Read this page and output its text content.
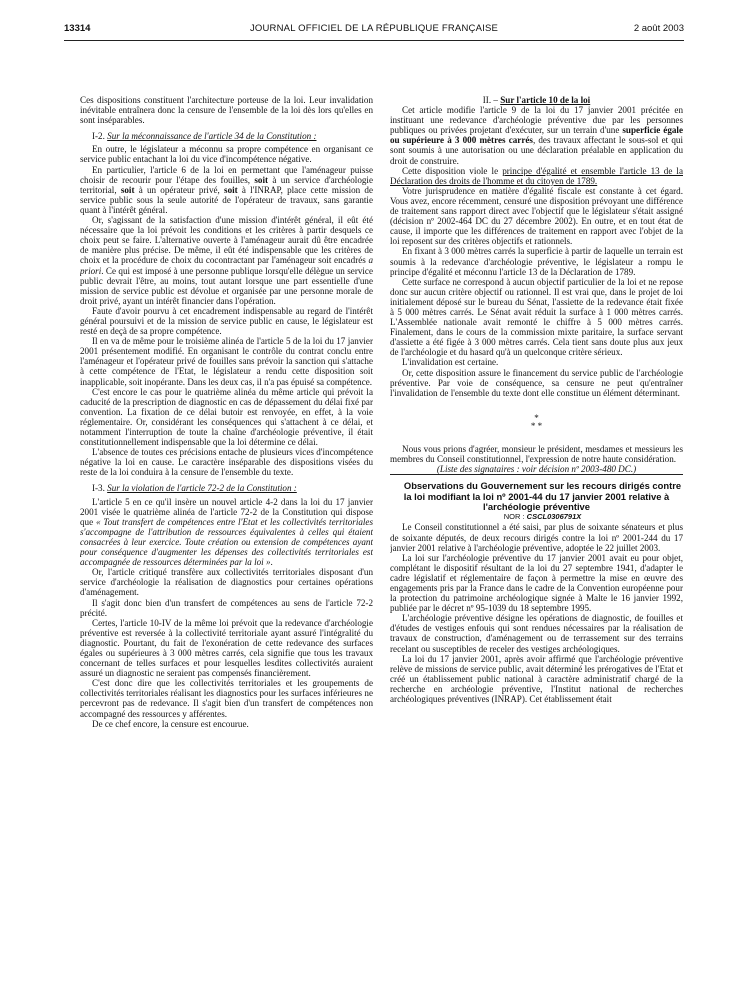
13314	JOURNAL OFFICIEL DE LA RÉPUBLIQUE FRANÇAISE	2 août 2003

Ces dispositions constituent l'architecture porteuse de la loi. Leur invalidation inévitable entraînera donc la censure de l'ensemble de la loi dès lors qu'elles en sont inséparables.

I-2. Sur la méconnaissance de l'article 34 de la Constitution :

En outre, le législateur a méconnu sa propre compétence en organisant ce service public entachant la loi du vice d'incompétence négative.

En particulier, l'article 6 de la loi en permettant que l'aménageur puisse choisir de recourir pour l'étape des fouilles, soit à un service d'archéologie territorial, soit à un opérateur privé, soit à l'INRAP, place cette mission de service public sous la seule autorité de l'opérateur de travaux, sans garantie quant à l'intérêt général.

Or, s'agissant de la satisfaction d'une mission d'intérêt général, il eût été nécessaire que la loi prévoit les conditions et les critères à partir desquels ce choix peut se faire. L'alternative ouverte à l'aménageur aurait dû être encadrée de manière plus précise. De même, il eût été indispensable que les critères de choix et la procédure de choix du cocontractant par l'aménageur soit encadrés a priori. Ce qui est imposé à une personne publique lorsqu'elle délègue un service public devrait l'être, au moins, tout autant lorsque une part essentielle d'une mission de service public est dévolue et organisée par une personne morale de droit privé, ayant un intérêt financier dans l'opération.

Faute d'avoir pourvu à cet encadrement indispensable au regard de l'intérêt général poursuivi et de la mission de service public en cause, le législateur est resté en deçà de sa propre compétence.

Il en va de même pour le troisième alinéa de l'article 5 de la loi du 17 janvier 2001 présentement modifié. En organisant le contrôle du contrat conclu entre l'aménageur et l'opérateur privé de fouilles sans prévoir la sanction qui s'attache à cette compétence de l'Etat, le législateur a rendu cette disposition soit inapplicable, soit inopérante. Dans les deux cas, il n'a pas épuisé sa compétence.

C'est encore le cas pour le quatrième alinéa du même article qui prévoit la caducité de la prescription de diagnostic en cas de dépassement du délai fixé par convention. La fixation de ce délai butoir est renvoyée, en effet, à la voie réglementaire. Or, considérant les conséquences qui s'attachent à ce délai, et notamment l'interruption de toute la chaîne d'archéologie préventive, il était constitutionnellement indispensable que la loi détermine ce délai.

L'absence de toutes ces précisions entache de plusieurs vices d'incompétence négative la loi en cause. Le caractère inséparable des dispositions visées du reste de la loi conduira à la censure de l'ensemble du texte.

I-3. Sur la violation de l'article 72-2 de la Constitution :

L'article 5 en ce qu'il insère un nouvel article 4-2 dans la loi du 17 janvier 2001 visée le quatrième alinéa de l'article 72-2 de la Constitution qui dispose que « Tout transfert de compétences entre l'Etat et les collectivités territoriales s'accompagne de l'attribution de ressources équivalentes à celles qui étaient consacrées à leur exercice. Toute création ou extension de compétences ayant pour conséquence d'augmenter les dépenses des collectivités territoriales est accompagnée de ressources déterminées par la loi ».

Or, l'article critiqué transfère aux collectivités territoriales disposant d'un service d'archéologie la réalisation de diagnostics pour certaines opérations d'aménagement.

Il s'agit donc bien d'un transfert de compétences au sens de l'article 72-2 précité.

Certes, l'article 10-IV de la même loi prévoit que la redevance d'archéologie préventive est reversée à la collectivité territoriale ayant assuré l'intégralité du diagnostic. Pourtant, du fait de l'exonération de cette redevance des surfaces égales ou supérieures à 3 000 mètres carrés, cela signifie que tous les travaux concernant de telles surfaces et pour lesquelles lesdites collectivités auraient assuré un diagnostic ne seraient pas compensés financièrement.

C'est donc dire que les collectivités territoriales et les groupements de collectivités territoriales réalisant les diagnostics pour les surfaces inférieures ne percevront pas de redevance. Il s'agit bien d'un transfert de compétences non accompagné des ressources y afférentes.

De ce chef encore, la censure est encourue.

II. – Sur l'article 10 de la loi

Cet article modifie l'article 9 de la loi du 17 janvier 2001 précitée en instituant une redevance d'archéologie préventive due par les personnes publiques ou privées projetant d'exécuter, sur un terrain d'une superficie égale ou supérieure à 3 000 mètres carrés, des travaux affectant le sous-sol et qui sont soumis à une autorisation ou une déclaration préalable en application du droit de construire.

Cette disposition viole le principe d'égalité et ensemble l'article 13 de la Déclaration des droits de l'homme et du citoyen de 1789.

Votre jurisprudence en matière d'égalité fiscale est constante à cet égard. Vous avez, encore récemment, censuré une disposition prévoyant une différence de traitement sans rapport direct avec l'objectif que le législateur s'était assigné (décision nº 2002-464 DC du 27 décembre 2002). En outre, et en tout état de cause, il importe que les différences de traitement en rapport avec l'objet de la loi reposent sur des critères objectifs et rationnels.

En fixant à 3 000 mètres carrés la superficie à partir de laquelle un terrain est soumis à la redevance d'archéologie préventive, le législateur a rompu le principe d'égalité et méconnu l'article 13 de la Déclaration de 1789.

Cette surface ne correspond à aucun objectif particulier de la loi et ne repose donc sur aucun critère objectif ou rationnel. Il est vrai que, dans le projet de loi initialement déposé sur le bureau du Sénat, l'assiette de la redevance était fixée à 5 000 mètres carrés. Le Sénat avait réduit la surface à 1 000 mètres carrés. L'Assemblée nationale avait remonté le chiffre à 5 000 mètres carrés. Finalement, dans le cours de la commission mixte paritaire, la surface servant d'assiette a été figée à 3 000 mètres carrés. Cela tient sans doute plus aux jeux de l'archéologie et du hasard qu'à un quelconque critère sérieux.

L'invalidation est certaine.

Or, cette disposition assure le financement du service public de l'archéologie préventive. Par voie de conséquence, sa censure ne peut qu'entraîner l'invalidation de l'ensemble du texte dont elle constitue un élément déterminant.

*
* *

Nous vous prions d'agréer, monsieur le président, mesdames et messieurs les membres du Conseil constitutionnel, l'expression de notre haute considération.

(Liste des signataires : voir décision nº 2003-480 DC.)

Observations du Gouvernement sur les recours dirigés contre la loi modifiant la loi nº 2001-44 du 17 janvier 2001 relative à l'archéologie préventive

NOR : CSCL0306791X

Le Conseil constitutionnel a été saisi, par plus de soixante sénateurs et plus de soixante députés, de deux recours dirigés contre la loi nº 2001-244 du 17 janvier 2001 relative à l'archéologie préventive, adoptée le 22 juillet 2003.

La loi sur l'archéologie préventive du 17 janvier 2001 avait eu pour objet, complétant le dispositif résultant de la loi du 27 septembre 1941, d'adapter le cadre législatif et réglementaire de façon à permettre la mise en œuvre des engagements pris par la France dans le cadre de la Convention européenne pour la protection du patrimoine archéologique signée à Malte le 16 janvier 1992, publiée par le décret nº 95-1039 du 18 septembre 1995.

L'archéologie préventive désigne les opérations de diagnostic, de fouilles et d'études de vestiges enfouis qui sont rendues nécessaires par la réalisation de travaux de construction, d'aménagement ou de terrassement sur des terrains recelant ou susceptibles de receler des vestiges archéologiques.

La loi du 17 janvier 2001, après avoir affirmé que l'archéologie préventive relève de missions de service public, avait déterminé les prérogatives de l'Etat et créé un établissement public national à caractère administratif chargé de la recherche en archéologie préventive, l'Institut national de recherches archéologiques préventives (INRAP). Cet établissement était
